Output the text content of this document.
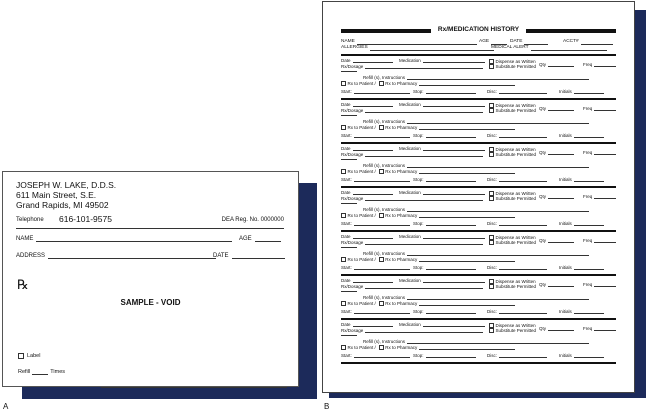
JOSEPH W. LAKE, D.D.S.
611 Main Street, S.E.
Grand Rapids, MI 49502
Telephone 616-101-9575	DEA Reg. No. 0000000
NAME	AGE
ADDRESS	DATE
℞
SAMPLE - VOID
Label
Refill	Times
A
Rx/MEDICATION HISTORY
NAME	AGE	DATE	ACCT#
ALLERGIES	MEDICAL ALERT
Date	Medication	Dispense as Written
Rx/Dosage	Substitute Permitted Qty	Freq
Refill (s), Instructions
Rx to Patient / Rx to Pharmacy
Start:	Stop:	Disc:	Initials
Date	Medication	Dispense as Written
Rx/Dosage	Substitute Permitted Qty	Freq
Refill (s), Instructions
Rx to Patient / Rx to Pharmacy
Start:	Stop:	Disc:	Initials
Date	Medication	Dispense as Written
Rx/Dosage	Substitute Permitted Qty	Freq
Refill (s), Instructions
Rx to Patient / Rx to Pharmacy
Start:	Stop:	Disc:	Initials
Date	Medication	Dispense as Written
Rx/Dosage	Substitute Permitted Qty	Freq
Refill (s), Instructions
Rx to Patient / Rx to Pharmacy
Start:	Stop:	Disc:	Initials
Date	Medication	Dispense as Written
Rx/Dosage	Substitute Permitted Qty	Freq
Refill (s), Instructions
Rx to Patient / Rx to Pharmacy
Start:	Stop:	Disc:	Initials
Date	Medication	Dispense as Written
Rx/Dosage	Substitute Permitted Qty	Freq
Refill (s), Instructions
Rx to Patient / Rx to Pharmacy
Start:	Stop:	Disc:	Initials
Date	Medication	Dispense as Written
Rx/Dosage	Substitute Permitted Qty	Freq
Refill (s), Instructions
Rx to Patient / Rx to Pharmacy
Start:	Stop:	Disc:	Initials
B
